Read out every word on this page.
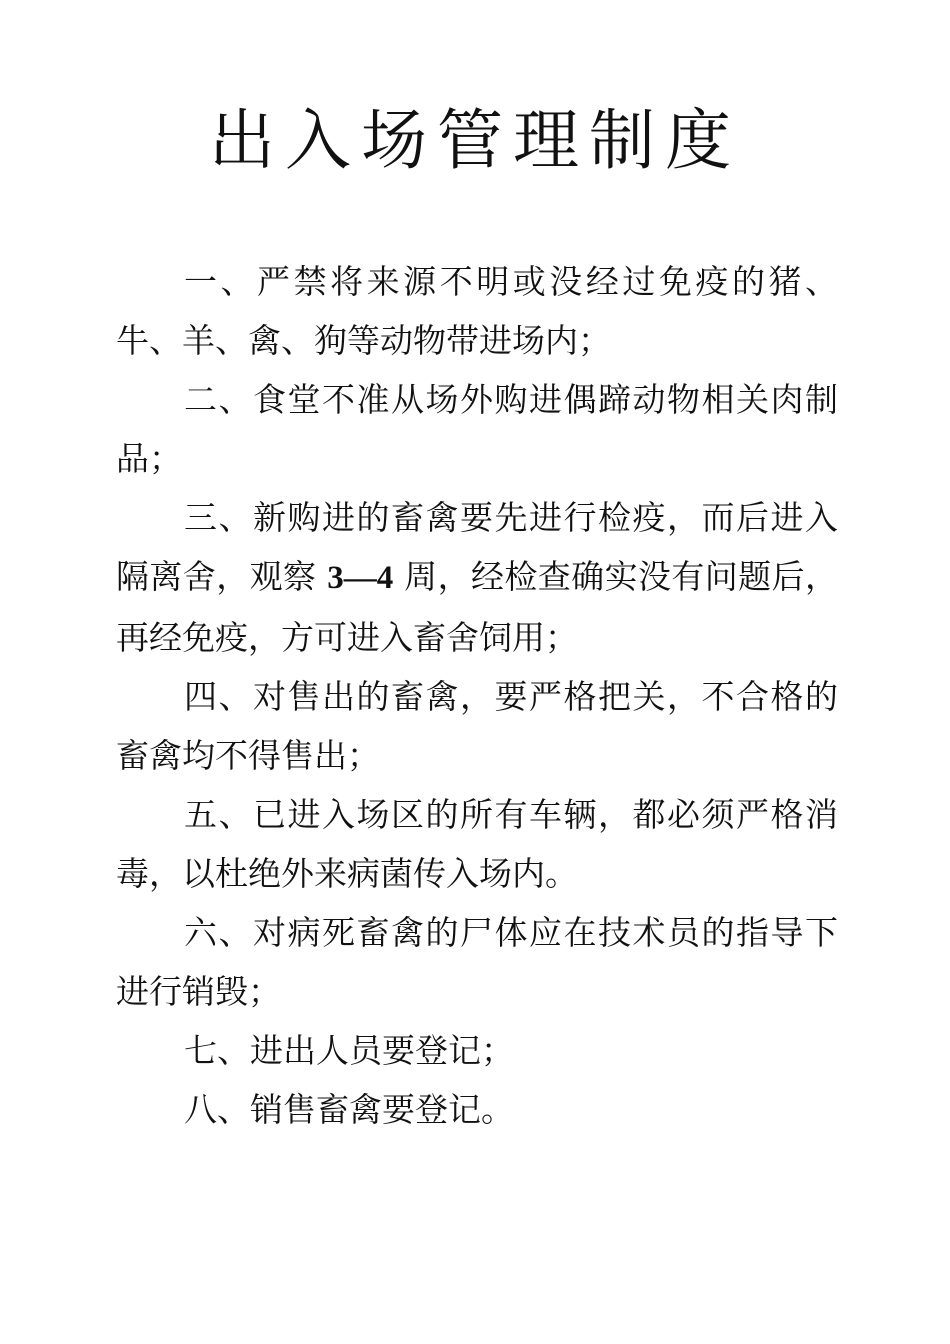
出入场管理制度

一、严禁将来源不明或没经过免疫的猪、牛、羊、禽、狗等动物带进场内；

二、食堂不准从场外购进偶蹄动物相关肉制品；

三、新购进的畜禽要先进行检疫，而后进入隔离舍，观察 3—4 周，经检查确实没有问题后，再经免疫，方可进入畜舍饲用；

四、对售出的畜禽，要严格把关，不合格的畜禽均不得售出；

五、已进入场区的所有车辆，都必须严格消毒，以杜绝外来病菌传入场内。

六、对病死畜禽的尸体应在技术员的指导下进行销毁；

七、进出人员要登记；

八、销售畜禽要登记。
